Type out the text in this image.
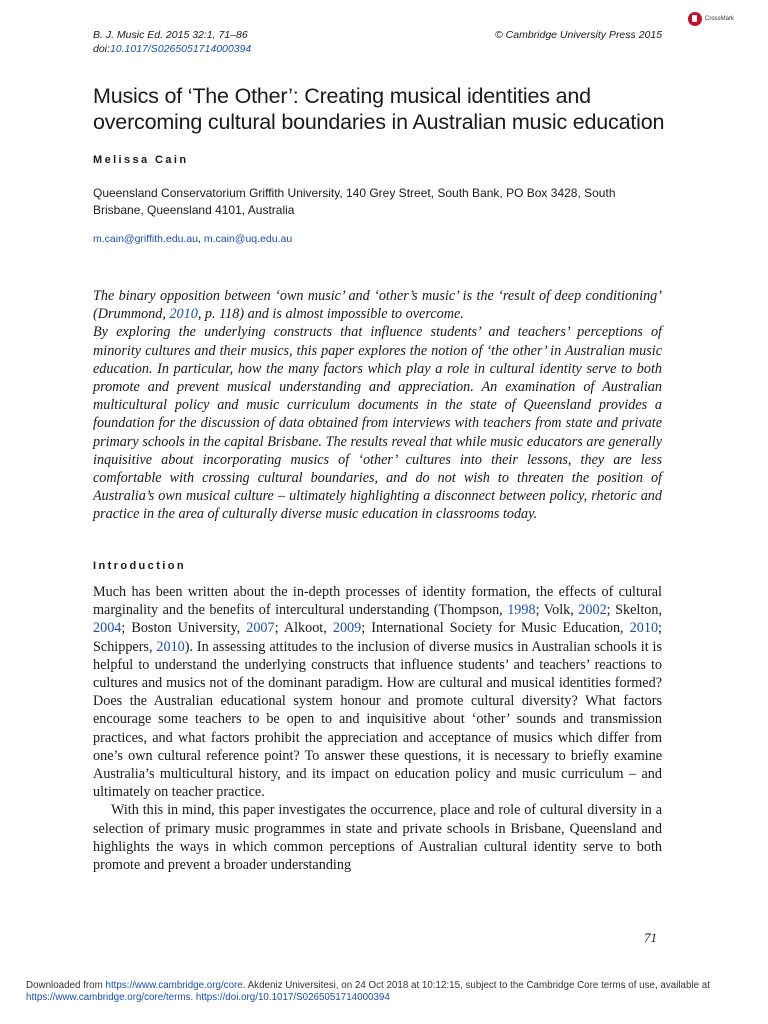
B. J. Music Ed. 2015 32:1, 71–86
doi:10.1017/S0265051714000394
© Cambridge University Press 2015
CrossMark
Musics of ‘The Other’: Creating musical identities and
overcoming cultural boundaries in Australian music education
Melissa Cain
Queensland Conservatorium Griffith University, 140 Grey Street, South Bank, PO Box 3428, South
Brisbane, Queensland 4101, Australia
m.cain@griffith.edu.au, m.cain@uq.edu.au

The binary opposition between ‘own music’ and ‘other’s music’ is the ‘result of deep conditioning’ (Drummond, 2010, p. 118) and is almost impossible to overcome.

By exploring the underlying constructs that influence students’ and teachers’ perceptions of minority cultures and their musics, this paper explores the notion of ‘the other’ in Australian music education. In particular, how the many factors which play a role in cultural identity serve to both promote and prevent musical understanding and appreciation. An examination of Australian multicultural policy and music curriculum documents in the state of Queensland provides a foundation for the discussion of data obtained from interviews with teachers from state and private primary schools in the capital Brisbane. The results reveal that while music educators are generally inquisitive about incorporating musics of ‘other’ cultures into their lessons, they are less comfortable with crossing cultural boundaries, and do not wish to threaten the position of Australia’s own musical culture – ultimately highlighting a disconnect between policy, rhetoric and practice in the area of culturally diverse music education in classrooms today.

Introduction

Much has been written about the in-depth processes of identity formation, the effects of cultural marginality and the benefits of intercultural understanding (Thompson, 1998; Volk, 2002; Skelton, 2004; Boston University, 2007; Alkoot, 2009; International Society for Music Education, 2010; Schippers, 2010). In assessing attitudes to the inclusion of diverse musics in Australian schools it is helpful to understand the underlying constructs that influence students’ and teachers’ reactions to cultures and musics not of the dominant paradigm. How are cultural and musical identities formed? Does the Australian educational system honour and promote cultural diversity? What factors encourage some teachers to be open to and inquisitive about ‘other’ sounds and transmission practices, and what factors prohibit the appreciation and acceptance of musics which differ from one’s own cultural reference point? To answer these questions, it is necessary to briefly examine Australia’s multicultural history, and its impact on education policy and music curriculum – and ultimately on teacher practice.

With this in mind, this paper investigates the occurrence, place and role of cultural diversity in a selection of primary music programmes in state and private schools in Brisbane, Queensland and highlights the ways in which common perceptions of Australian cultural identity serve to both promote and prevent a broader understanding

71
Downloaded from https://www.cambridge.org/core. Akdeniz Universitesi, on 24 Oct 2018 at 10:12:15, subject to the Cambridge Core terms of use, available at
https://www.cambridge.org/core/terms. https://doi.org/10.1017/S0265051714000394
